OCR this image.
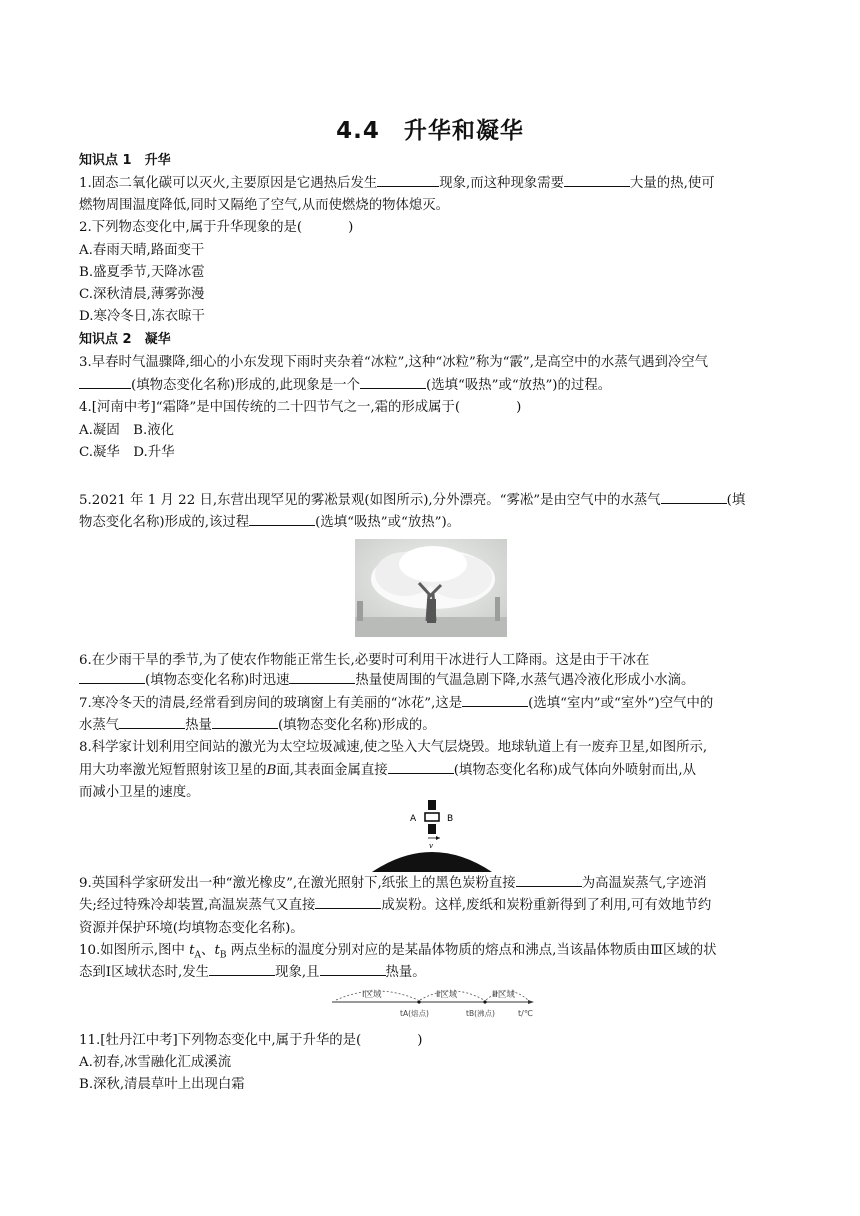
4.4　升华和凝华
知识点 1　升华
1.固态二氧化碳可以灭火,主要原因是它遇热后发生	现象,而这种现象需要	大量的热,使可
燃物周围温度降低,同时又隔绝了空气,从而使燃烧的物体熄灭。
2.下列物态变化中,属于升华现象的是(	)
A.春雨天晴,路面变干
B.盛夏季节,天降冰雹
C.深秋清晨,薄雾弥漫
D.寒冷冬日,冻衣晾干
知识点 2　凝华
3.早春时气温骤降,细心的小东发现下雨时夹杂着“冰粒”,这种“冰粒”称为“霰”,是高空中的水蒸气遇到冷空气
(填物态变化名称)形成的,此现象是一个	(选填“吸热”或“放热”)的过程。
4.[河南中考]“霜降”是中国传统的二十四节气之一,霜的形成属于(	)
A.凝固　B.液化
C.凝华　D.升华
5.2021 年 1 月 22 日,东营出现罕见的雾凇景观(如图所示),分外漂亮。“雾凇”是由空气中的水蒸气	(填
物态变化名称)形成的,该过程	(选填“吸热”或“放热”)。
6.在少雨干旱的季节,为了使农作物能正常生长,必要时可利用干冰进行人工降雨。这是由于干冰在
(填物态变化名称)时迅速	热量使周围的气温急剧下降,水蒸气遇冷液化形成小水滴。
7.寒冷冬天的清晨,经常看到房间的玻璃窗上有美丽的“冰花”,这是	(选填“室内”或“室外”)空气中的
水蒸气	热量	(填物态变化名称)形成的。
8.科学家计划利用空间站的激光为太空垃圾减速,使之坠入大气层烧毁。地球轨道上有一废弃卫星,如图所示,
用大功率激光短暂照射该卫星的B面,其表面金属直接	(填物态变化名称)成气体向外喷射而出,从
而减小卫星的速度。
A	B
v
9.英国科学家研发出一种“激光橡皮”,在激光照射下,纸张上的黑色炭粉直接	为高温炭蒸气,字迹消
失;经过特殊冷却装置,高温炭蒸气又直接	成炭粉。这样,废纸和炭粉重新得到了利用,可有效地节约
资源并保护环境(均填物态变化名称)。
10.如图所示,图中 $t_A$、$t_B$ 两点坐标的温度分别对应的是某晶体物质的熔点和沸点,当该晶体物质由Ⅲ区域的状
态到Ⅰ区域状态时,发生	现象,且	热量。
Ⅰ区域	Ⅱ区域	Ⅲ区域
tA(熔点)	tB(沸点)	t/℃
11.[牡丹江中考]下列物态变化中,属于升华的是(	)
A.初春,冰雪融化汇成溪流
B.深秋,清晨草叶上出现白霜
